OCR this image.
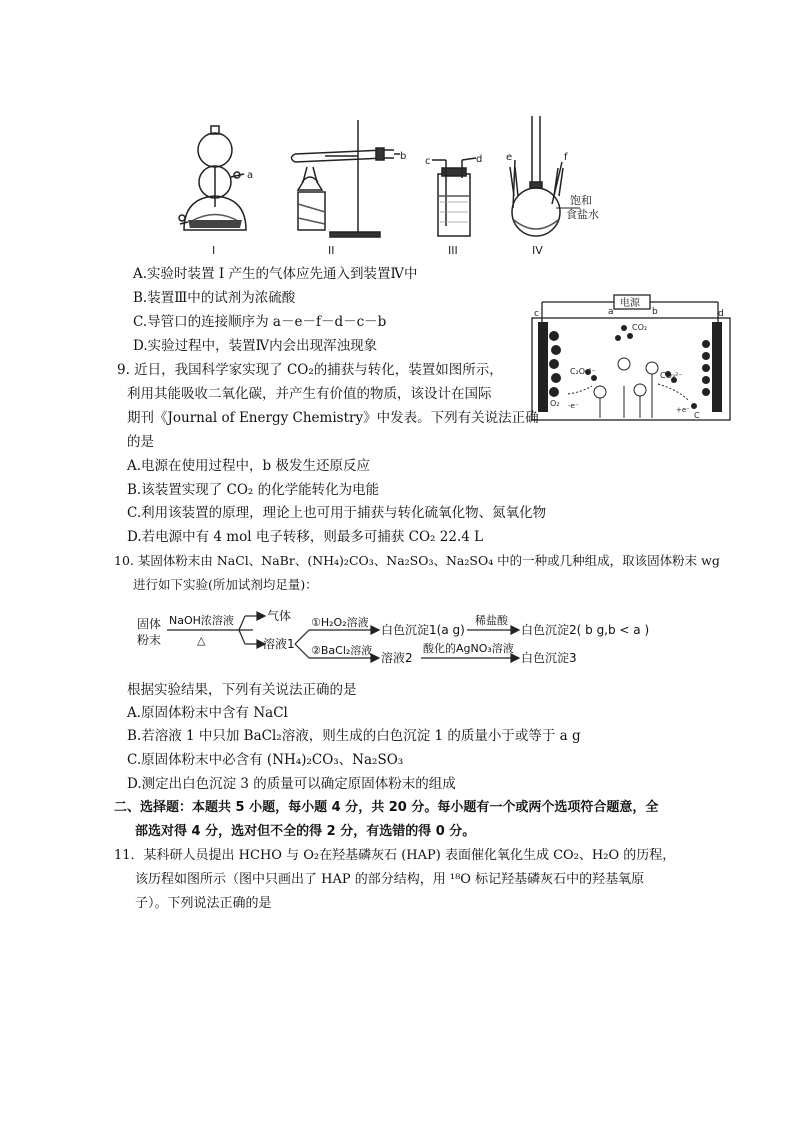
a
I
b
II
c	d
III
e	f
饱和
食盐水
IV
A.实验时装置 I 产生的气体应先通入到装置Ⅳ中
B.装置Ⅲ中的试剂为浓硫酸
C.导管口的连接顺序为 a－e－f－d－c－b
D.实验过程中，装置Ⅳ内会出现浑浊现象
电源
a	b
c	d
CO₂
C₂O₅²⁻	CO₃²⁻
O₂ -e⁻	+e⁻
C
9. 近日，我国科学家实现了 CO₂的捕获与转化，装置如图所示，
利用其能吸收二氧化碳，并产生有价值的物质，该设计在国际
期刊《Journal of Energy Chemistry》中发表。下列有关说法正确
的是
A.电源在使用过程中，b 极发生还原反应
B.该装置实现了 CO₂ 的化学能转化为电能
C.利用该装置的原理，理论上也可用于捕获与转化硫氧化物、氮氧化物
D.若电源中有 4 mol 电子转移，则最多可捕获 CO₂ 22.4 L
10. 某固体粉末由 NaCl、NaBr、(NH₄)₂CO₃、Na₂SO₃、Na₂SO₄ 中的一种或几种组成，取该固体粉末 wg
进行如下实验(所加试剂均足量)：
固体
粉末
NaOH浓溶液
△
气体
溶液1
①H₂O₂溶液
②BaCl₂溶液
白色沉淀1(a g)
稀盐酸
白色沉淀2( b g,b < a )
溶液2
酸化的AgNO₃溶液
白色沉淀3
根据实验结果，下列有关说法正确的是
A.原固体粉末中含有 NaCl
B.若溶液 1 中只加 BaCl₂溶液，则生成的白色沉淀 1 的质量小于或等于 a g
C.原固体粉末中必含有 (NH₄)₂CO₃、Na₂SO₃
D.测定出白色沉淀 3 的质量可以确定原固体粉末的组成
二、选择题：本题共 5 小题，每小题 4 分，共 20 分。每小题有一个或两个选项符合题意，全
部选对得 4 分，选对但不全的得 2 分，有选错的得 0 分。
11．某科研人员提出 HCHO 与 O₂在羟基磷灰石 (HAP) 表面催化氧化生成 CO₂、H₂O 的历程，
该历程如图所示（图中只画出了 HAP 的部分结构，用 ¹⁸O 标记羟基磷灰石中的羟基氧原
子）。下列说法正确的是
